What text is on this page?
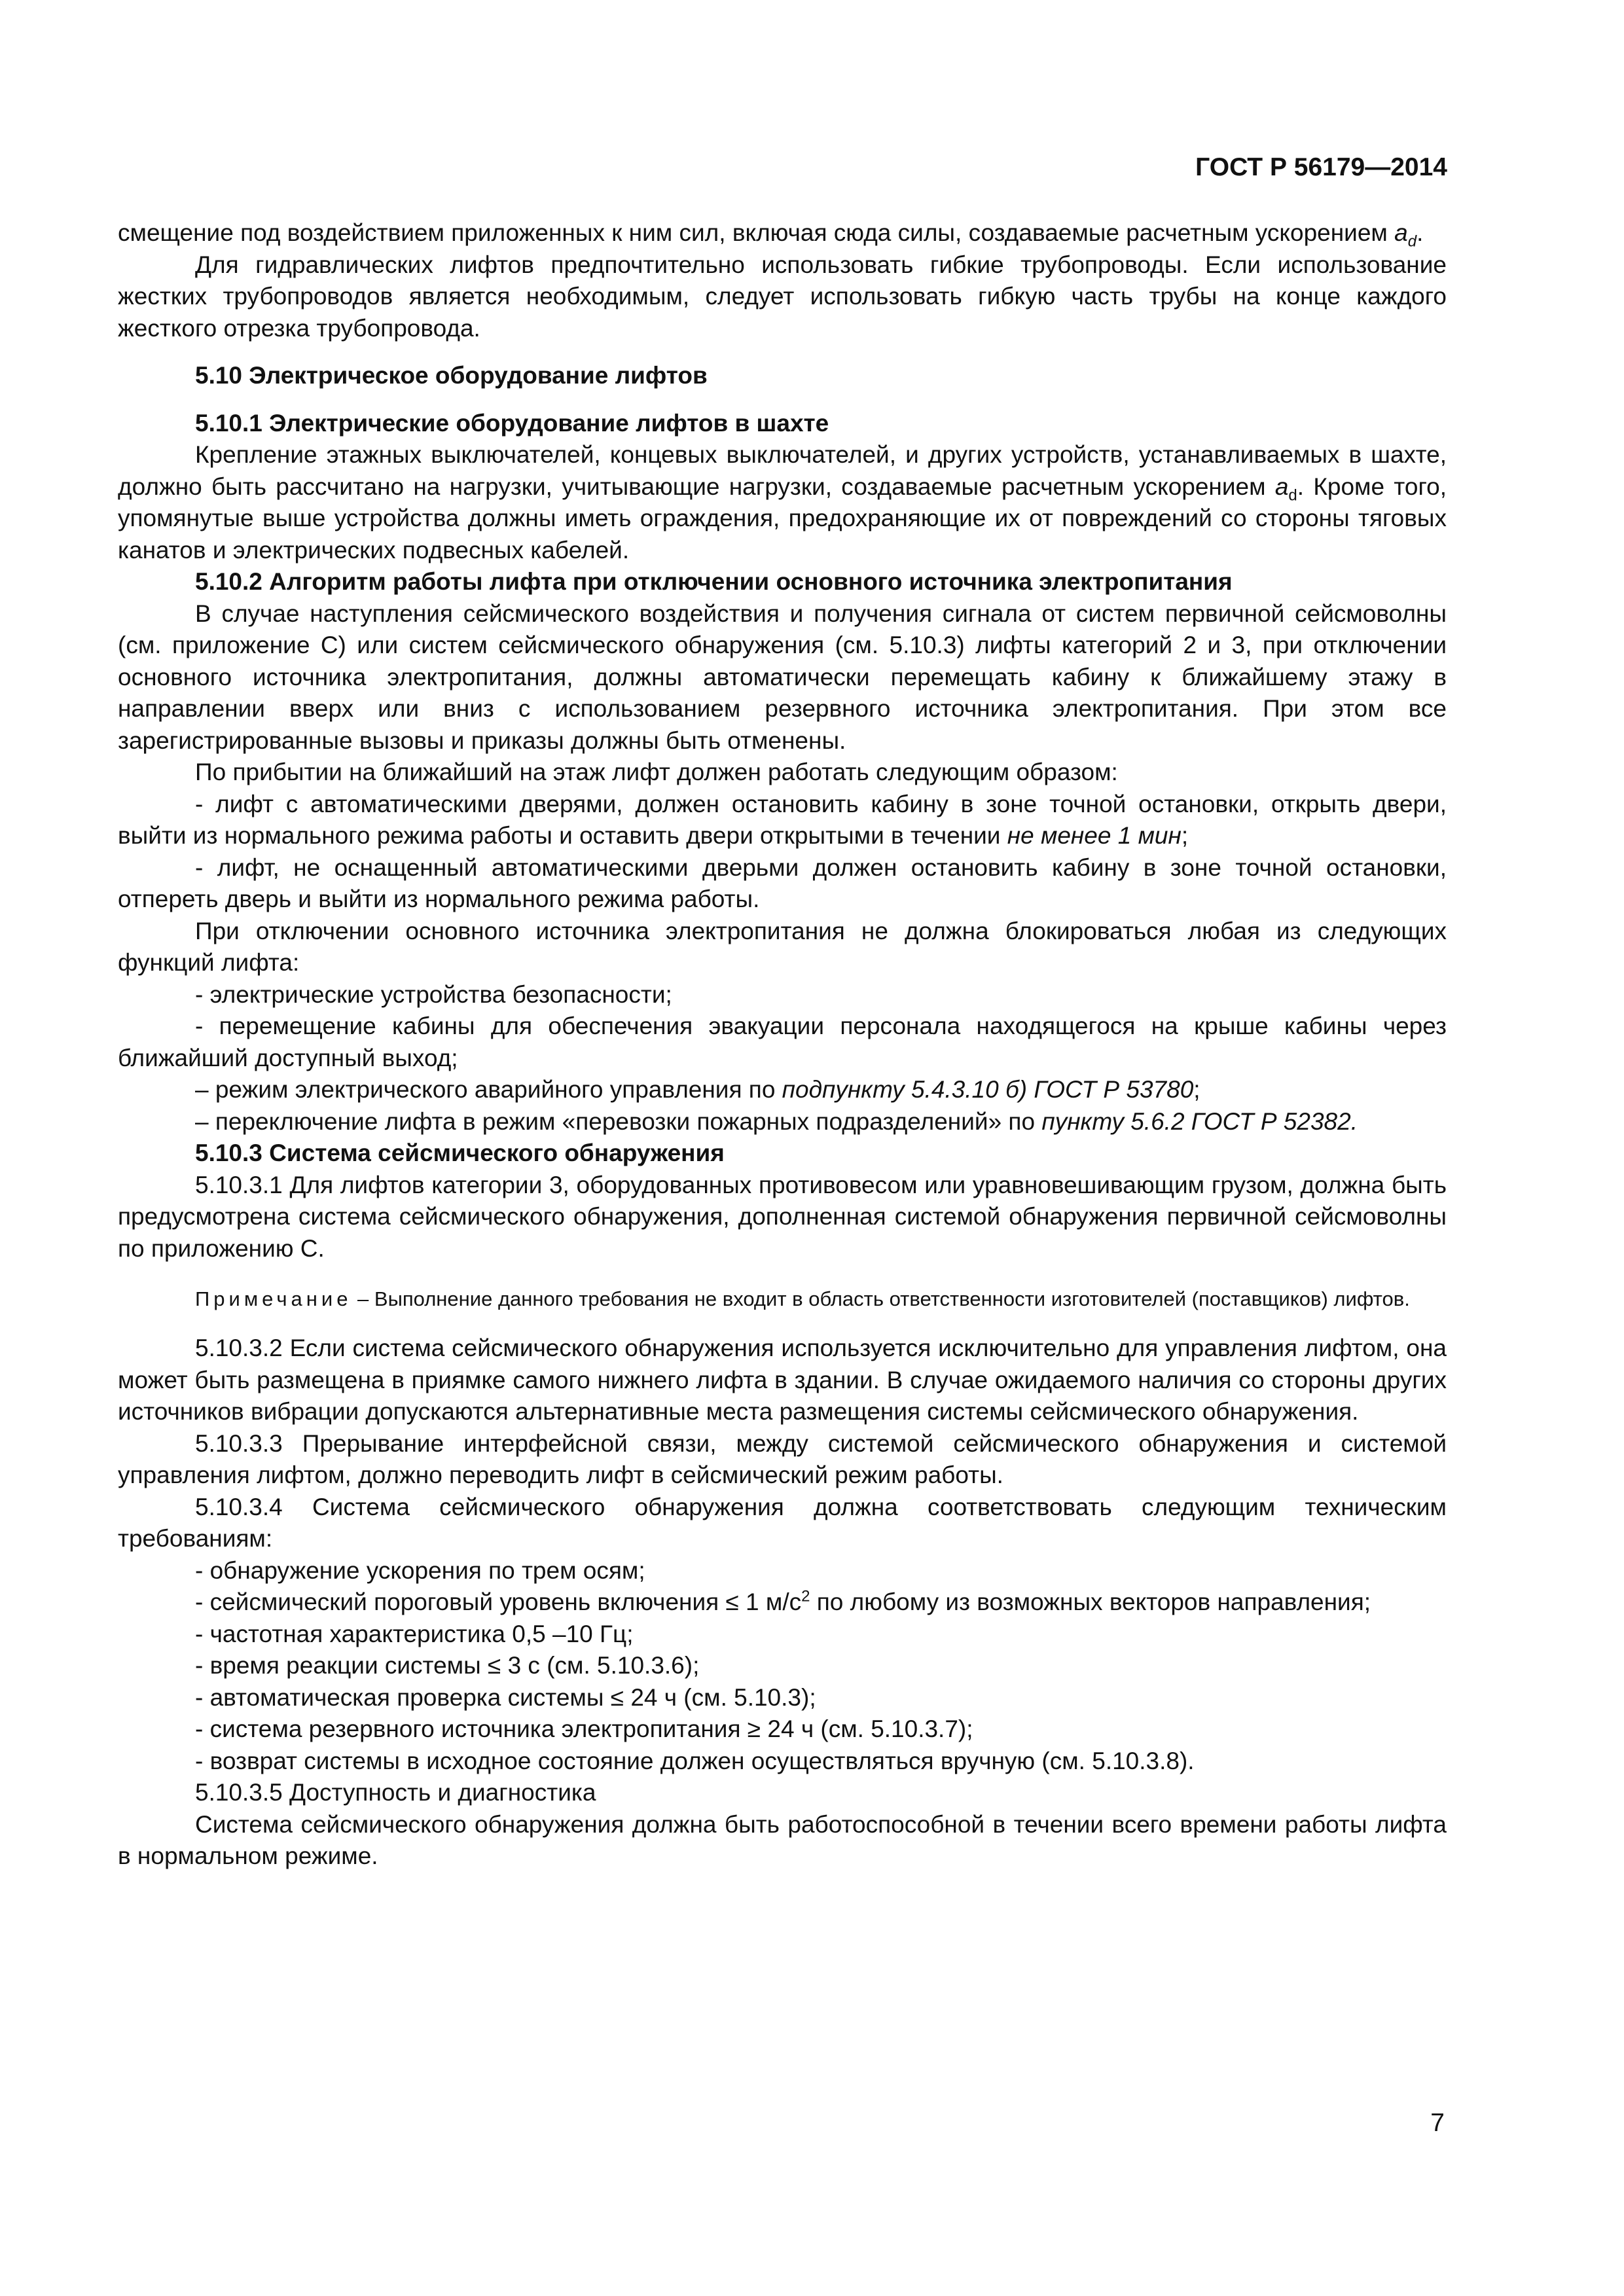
ГОСТ Р 56179—2014

смещение под воздействием приложенных к ним сил, включая сюда силы, создаваемые расчетным ускорением $a_d$.

Для гидравлических лифтов предпочтительно использовать гибкие трубопроводы. Если использование жестких трубопроводов является необходимым, следует использовать гибкую часть трубы на конце каждого жесткого отрезка трубопровода.

5.10 Электрическое оборудование лифтов

5.10.1 Электрические оборудование лифтов в шахте

Крепление этажных выключателей, концевых выключателей, и других устройств, устанавливаемых в шахте, должно быть рассчитано на нагрузки, учитывающие нагрузки, создаваемые расчетным ускорением $a_d$. Кроме того, упомянутые выше устройства должны иметь ограждения, предохраняющие их от повреждений со стороны тяговых канатов и электрических подвесных кабелей.

5.10.2 Алгоритм работы лифта при отключении основного источника электропитания

В случае наступления сейсмического воздействия и получения сигнала от систем первичной сейсмоволны (см. приложение С) или систем сейсмического обнаружения (см. 5.10.3) лифты категорий 2 и 3, при отключении основного источника электропитания, должны автоматически перемещать кабину к ближайшему этажу в направлении вверх или вниз с использованием резервного источника электропитания. При этом все зарегистрированные вызовы и приказы должны быть отменены.

По прибытии на ближайший на этаж лифт должен работать следующим образом:

- лифт с автоматическими дверями, должен остановить кабину в зоне точной остановки, открыть двери, выйти из нормального режима работы и оставить двери открытыми в течении не менее 1 мин;

- лифт, не оснащенный автоматическими дверьми должен остановить кабину в зоне точной остановки, отпереть дверь и выйти из нормального режима работы.

При отключении основного источника электропитания не должна блокироваться любая из следующих функций лифта:

- электрические устройства безопасности;

- перемещение кабины для обеспечения эвакуации персонала находящегося на крыше кабины через ближайший доступный выход;

– режим электрического аварийного управления по подпункту 5.4.3.10 б) ГОСТ Р 53780;

– переключение лифта в режим «перевозки пожарных подразделений» по пункту 5.6.2 ГОСТ Р 52382.

5.10.3 Система сейсмического обнаружения

5.10.3.1 Для лифтов категории 3, оборудованных противовесом или уравновешивающим грузом, должна быть предусмотрена система сейсмического обнаружения, дополненная системой обнаружения первичной сейсмоволны по приложению С.

Примечание – Выполнение данного требования не входит в область ответственности изготовителей (поставщиков) лифтов.

5.10.3.2 Если система сейсмического обнаружения используется исключительно для управления лифтом, она может быть размещена в приямке самого нижнего лифта в здании. В случае ожидаемого наличия со стороны других источников вибрации допускаются альтернативные места размещения системы сейсмического обнаружения.

5.10.3.3 Прерывание интерфейсной связи, между системой сейсмического обнаружения и системой управления лифтом, должно переводить лифт в сейсмический режим работы.

5.10.3.4 Система сейсмического обнаружения должна соответствовать следующим техническим требованиям:

- обнаружение ускорения по трем осям;

- сейсмический пороговый уровень включения ≤ 1 $м/с^2$ по любому из возможных векторов направления;

- частотная характеристика 0,5 –10 Гц;

- время реакции системы ≤ 3 с (см. 5.10.3.6);

- автоматическая проверка системы ≤ 24 ч (см. 5.10.3);

- система резервного источника электропитания ≥ 24 ч (см. 5.10.3.7);

- возврат системы в исходное состояние должен осуществляться вручную (см. 5.10.3.8).

5.10.3.5 Доступность и диагностика

Система сейсмического обнаружения должна быть работоспособной в течении всего времени работы лифта в нормальном режиме.

7
